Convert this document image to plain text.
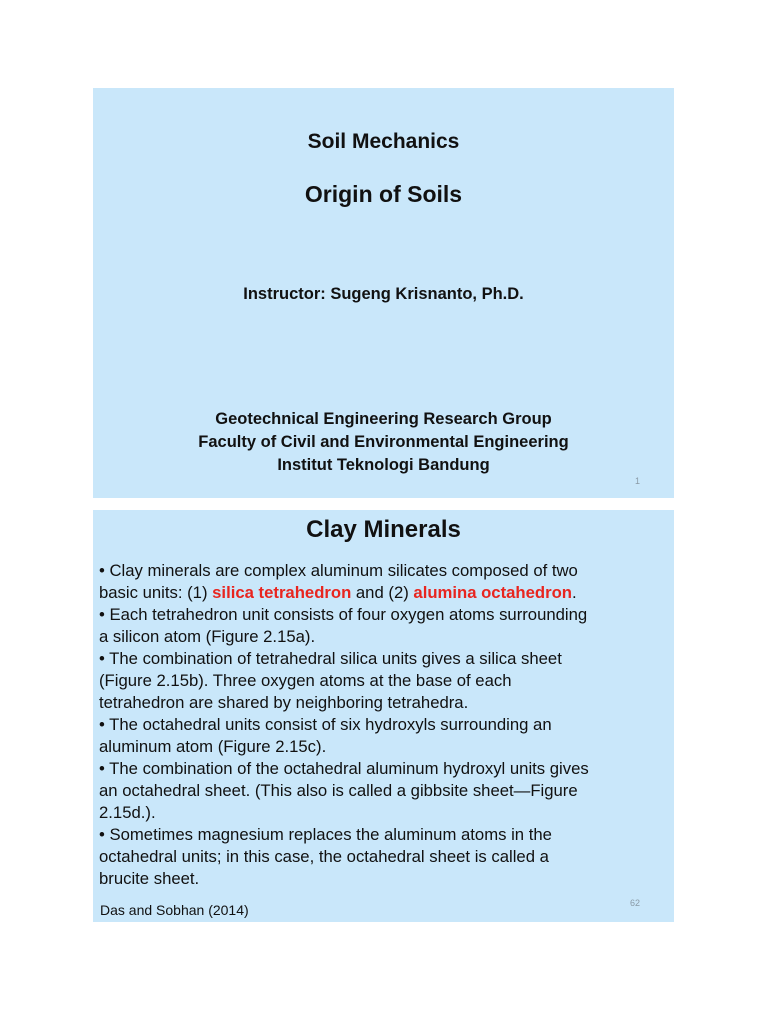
Soil Mechanics
Origin of Soils
Instructor: Sugeng Krisnanto, Ph.D.
Geotechnical Engineering Research Group
Faculty of Civil and Environmental Engineering
Institut Teknologi Bandung
1
Clay Minerals
• Clay minerals are complex aluminum silicates composed of two
basic units: (1) silica tetrahedron and (2) alumina octahedron.
• Each tetrahedron unit consists of four oxygen atoms surrounding
a silicon atom (Figure 2.15a).
• The combination of tetrahedral silica units gives a silica sheet
(Figure 2.15b). Three oxygen atoms at the base of each
tetrahedron are shared by neighboring tetrahedra.
• The octahedral units consist of six hydroxyls surrounding an
aluminum atom (Figure 2.15c).
• The combination of the octahedral aluminum hydroxyl units gives
an octahedral sheet. (This also is called a gibbsite sheet—Figure
2.15d.).
• Sometimes magnesium replaces the aluminum atoms in the
octahedral units; in this case, the octahedral sheet is called a
brucite sheet.
Das and Sobhan (2014)	62
